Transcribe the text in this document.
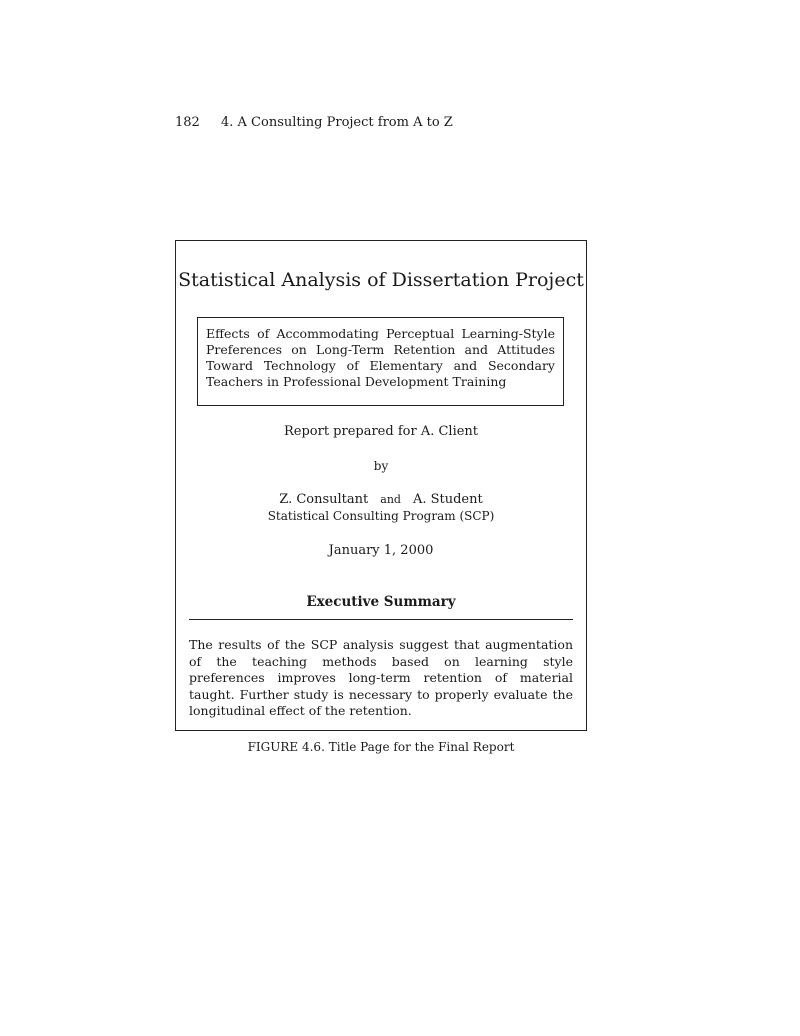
182 4. A Consulting Project from A to Z
Statistical Analysis of Dissertation Project
Effects of Accommodating Perceptual Learning-Style Preferences on Long-Term Retention and Attitudes Toward Technology of Elementary and Secondary Teachers in Professional Development Training
Report prepared for A. Client
by
Z. Consultant and A. Student
Statistical Consulting Program (SCP)
January 1, 2000
Executive Summary
The results of the SCP analysis suggest that augmentation of the teaching methods based on learning style preferences improves long-term retention of material taught. Further study is necessary to properly evaluate the longitudinal effect of the retention.
FIGURE 4.6. Title Page for the Final Report
